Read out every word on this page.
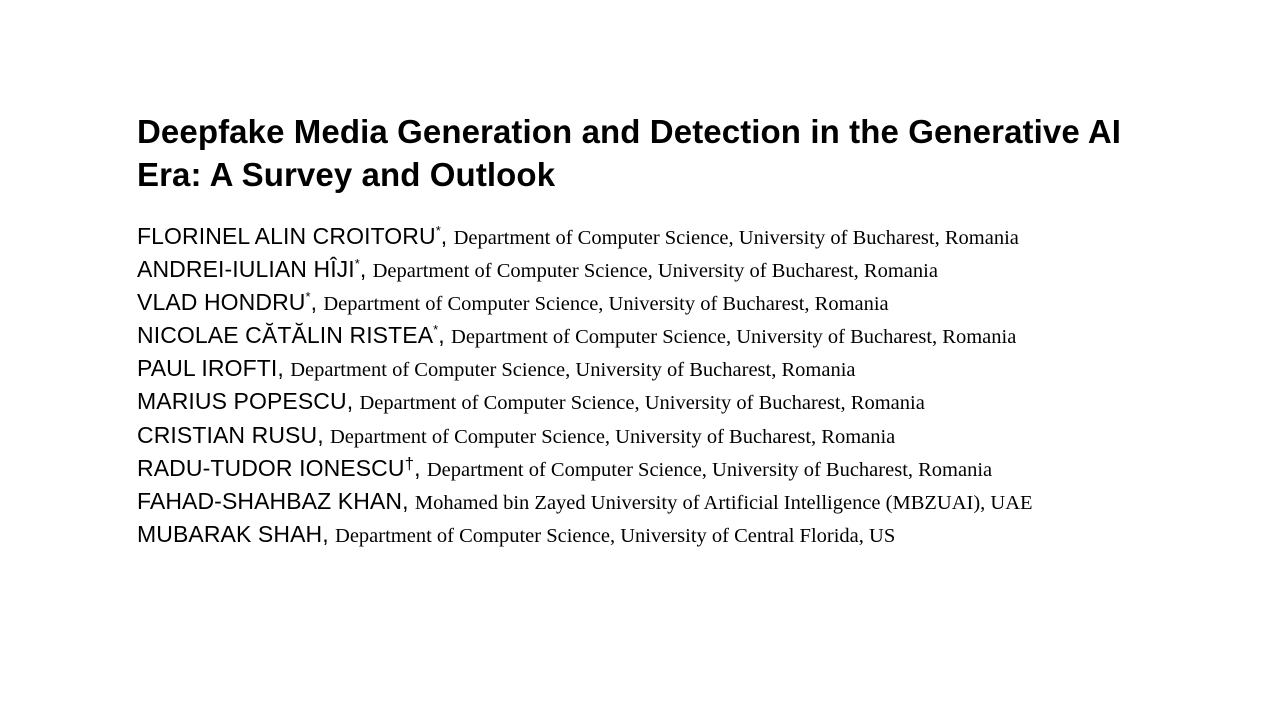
Deepfake Media Generation and Detection in the Generative AI Era: A Survey and Outlook
FLORINEL ALIN CROITORU*, Department of Computer Science, University of Bucharest, Romania
ANDREI-IULIAN HÎJI*, Department of Computer Science, University of Bucharest, Romania
VLAD HONDRU*, Department of Computer Science, University of Bucharest, Romania
NICOLAE CĂTĂLIN RISTEA*, Department of Computer Science, University of Bucharest, Romania
PAUL IROFTI, Department of Computer Science, University of Bucharest, Romania
MARIUS POPESCU, Department of Computer Science, University of Bucharest, Romania
CRISTIAN RUSU, Department of Computer Science, University of Bucharest, Romania
RADU-TUDOR IONESCU†, Department of Computer Science, University of Bucharest, Romania
FAHAD-SHAHBAZ KHAN, Mohamed bin Zayed University of Artificial Intelligence (MBZUAI), UAE
MUBARAK SHAH, Department of Computer Science, University of Central Florida, US
